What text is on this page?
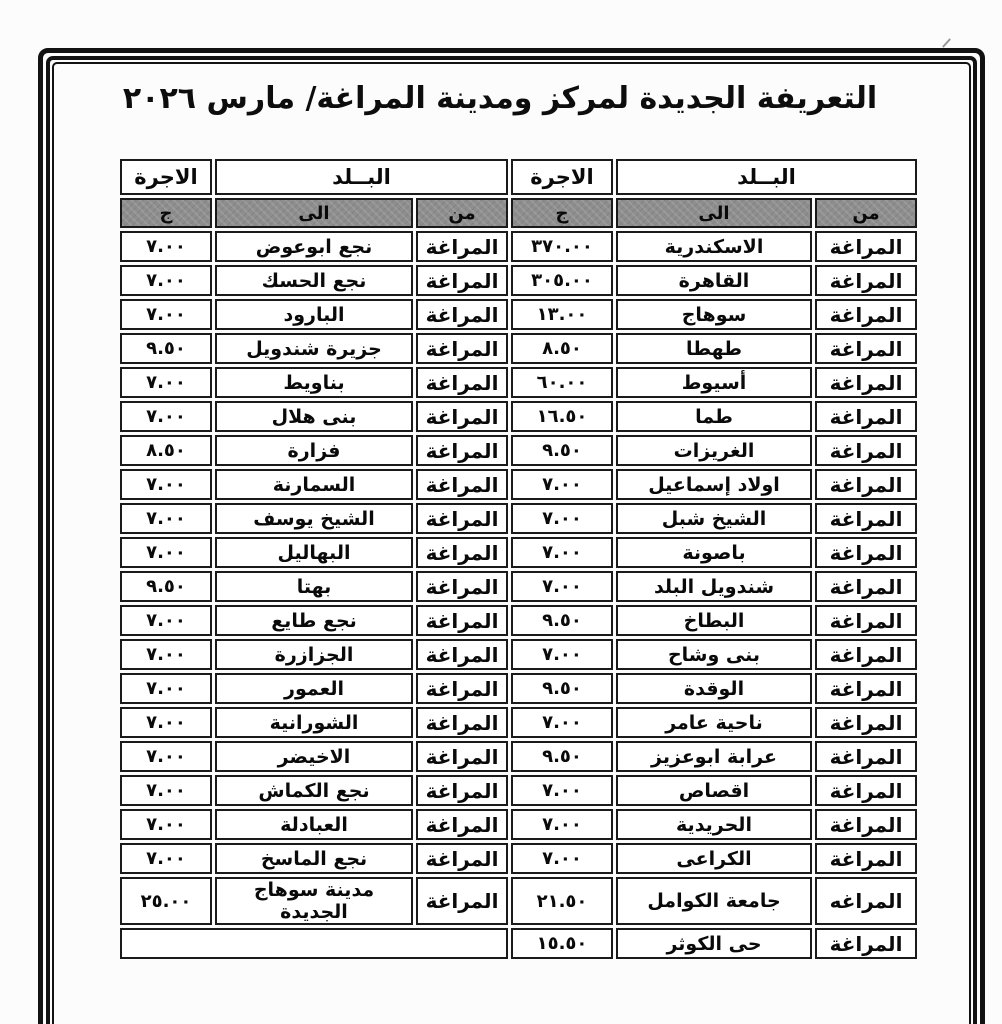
التعريفة الجديدة لمركز ومدينة المراغة/ مارس ٢٠٢٦
البــلد		الاجرة	البــلد		الاجرة
من	الى	ج	من	الى	ج
المراغة	الاسكندرية	٣٧٠.٠٠	المراغة	نجع ابوعوض	٧.٠٠
المراغة	القاهرة	٣٠٥.٠٠	المراغة	نجع الحسك	٧.٠٠
المراغة	سوهاج	١٣.٠٠	المراغة	البارود	٧.٠٠
المراغة	طهطا	٨.٥٠	المراغة	جزيرة شندويل	٩.٥٠
المراغة	أسيوط	٦٠.٠٠	المراغة	بناويط	٧.٠٠
المراغة	طما	١٦.٥٠	المراغة	بنى هلال	٧.٠٠
المراغة	الغريزات	٩.٥٠	المراغة	فزارة	٨.٥٠
المراغة	اولاد إسماعيل	٧.٠٠	المراغة	السمارنة	٧.٠٠
المراغة	الشيخ شبل	٧.٠٠	المراغة	الشيخ يوسف	٧.٠٠
المراغة	باصونة	٧.٠٠	المراغة	البهاليل	٧.٠٠
المراغة	شندويل البلد	٧.٠٠	المراغة	بهتا	٩.٥٠
المراغة	البطاخ	٩.٥٠	المراغة	نجع طايع	٧.٠٠
المراغة	بنى وشاح	٧.٠٠	المراغة	الجزازرة	٧.٠٠
المراغة	الوقدة	٩.٥٠	المراغة	العمور	٧.٠٠
المراغة	ناحية عامر	٧.٠٠	المراغة	الشورانية	٧.٠٠
المراغة	عرابة ابوعزيز	٩.٥٠	المراغة	الاخيضر	٧.٠٠
المراغة	اقصاص	٧.٠٠	المراغة	نجع الكماش	٧.٠٠
المراغة	الحريدية	٧.٠٠	المراغة	العبادلة	٧.٠٠
المراغة	الكراعى	٧.٠٠	المراغة	نجع الماسخ	٧.٠٠
المراغه	جامعة الكوامل	٢١.٥٠	المراغة	مدينة سوهاج الجديدة	٢٥.٠٠
المراغة	حى الكوثر	١٥.٥٠			
